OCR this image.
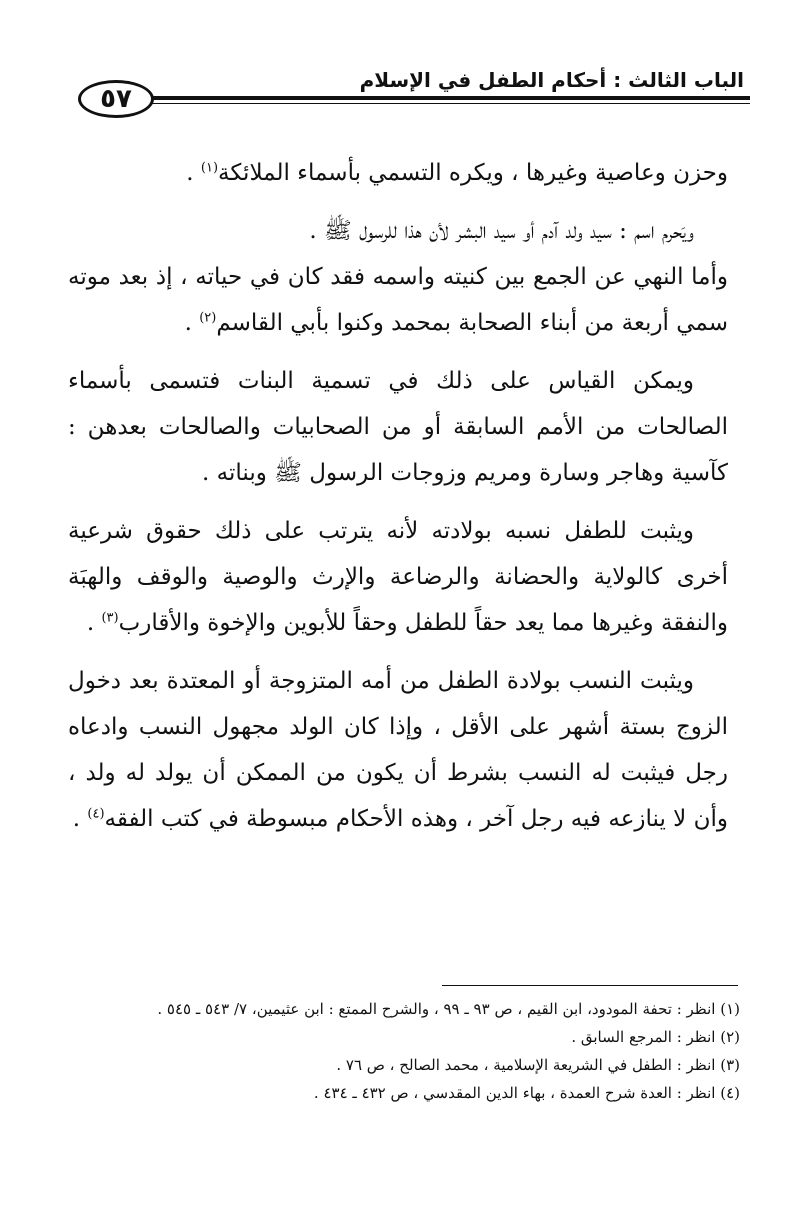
الباب الثالث : أحكام الطفل في الإسلام
٥٧

وحزن وعاصية وغيرها ، ويكره التسمي بأسماء الملائكة$^{(١)}$ .

ويَحرم اسم : سيد ولد آدم أو سيد البشر لأن هذا للرسول ﷺ .

وأما النهي عن الجمع بين كنيته واسمه فقد كان في حياته ، إذ بعد موته سمي أربعة من أبناء الصحابة بمحمد وكنوا بأبي القاسم$^{(٢)}$ .

ويمكن القياس على ذلك في تسمية البنات فتسمى بأسماء الصالحات من الأمم السابقة أو من الصحابيات والصالحات بعدهن : كآسية وهاجر وسارة ومريم وزوجات الرسول ﷺ وبناته .

ويثبت للطفل نسبه بولادته لأنه يترتب على ذلك حقوق شرعية أخرى كالولاية والحضانة والرضاعة والإرث والوصية والوقف والهبَة والنفقة وغيرها مما يعد حقاً للطفل وحقاً للأبوين والإخوة والأقارب$^{(٣)}$ .

ويثبت النسب بولادة الطفل من أمه المتزوجة أو المعتدة بعد دخول الزوج بستة أشهر على الأقل ، وإذا كان الولد مجهول النسب وادعاه رجل فيثبت له النسب بشرط أن يكون من الممكن أن يولد له ولد ، وأن لا ينازعه فيه رجل آخر ، وهذه الأحكام مبسوطة في كتب الفقه$^{(٤)}$ .

(١) انظر : تحفة المودود، ابن القيم ، ص ٩٣ ـ ٩٩ ، والشرح الممتع : ابن عثيمين، ٧/ ٥٤٣ ـ ٥٤٥ .
(٢) انظر : المرجع السابق .
(٣) انظر : الطفل في الشريعة الإسلامية ، محمد الصالح ، ص ٧٦ .
(٤) انظر : العدة شرح العمدة ، بهاء الدين المقدسي ، ص ٤٣٢ ـ ٤٣٤ .
